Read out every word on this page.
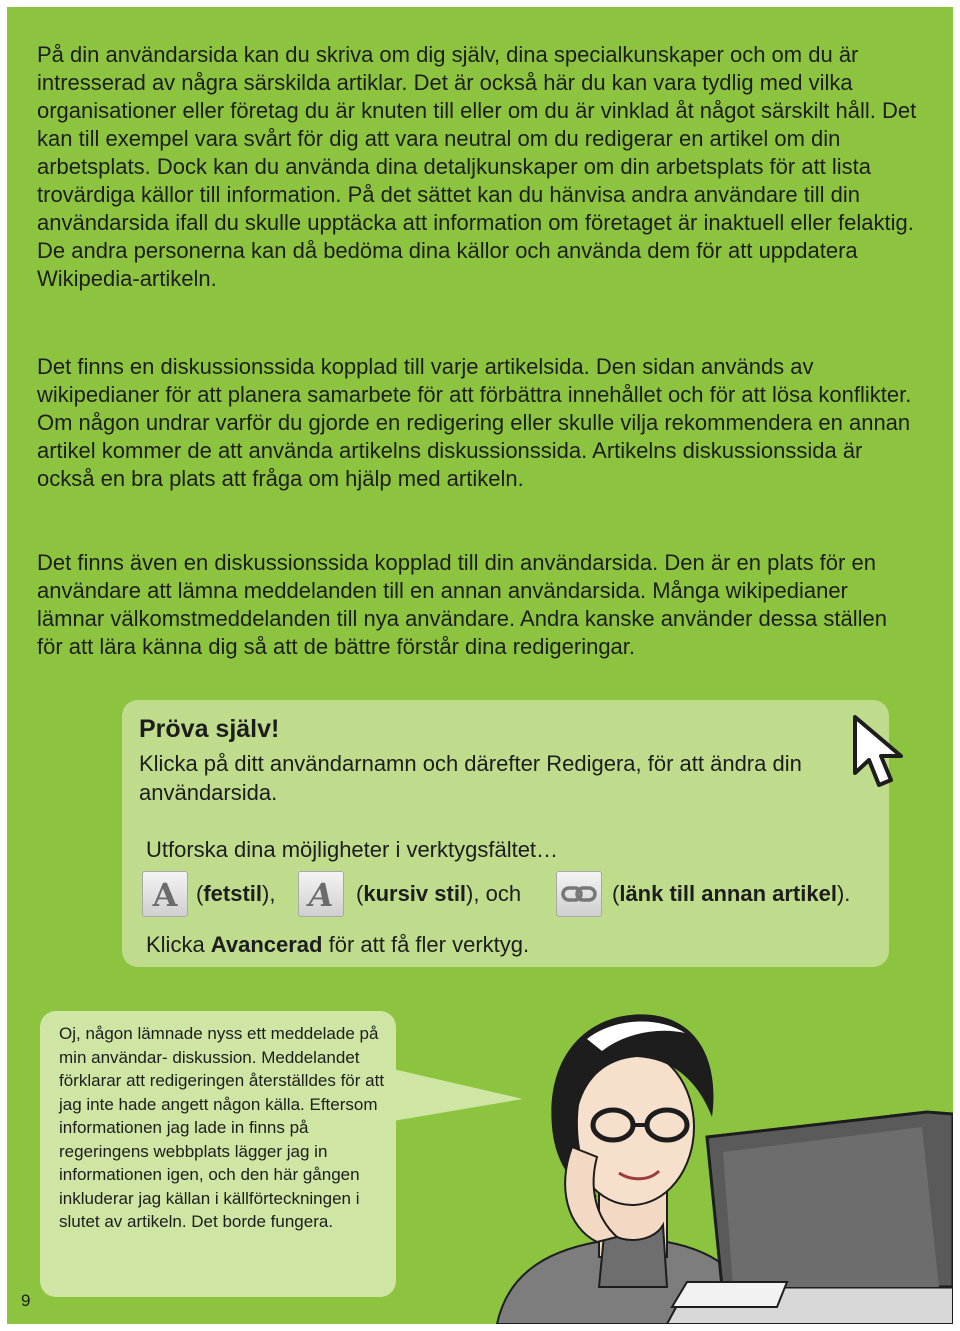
På din användarsida kan du skriva om dig själv, dina specialkunskaper och om du är intresserad av några särskilda artiklar. Det är också här du kan vara tydlig med vilka organisationer eller företag du är knuten till eller om du är vinklad åt något särskilt håll. Det kan till exempel vara svårt för dig att vara neutral om du redigerar en artikel om din arbetsplats. Dock kan du använda dina detaljkunskaper om din arbetsplats för att lista trovärdiga källor till information. På det sättet kan du hänvisa andra användare till din användarsida ifall du skulle upptäcka att information om företaget är inaktuell eller felaktig. De andra personerna kan då bedöma dina källor och använda dem för att uppdatera Wikipedia-artikeln.

Det finns en diskussionssida kopplad till varje artikelsida. Den sidan används av wikipedianer för att planera samarbete för att förbättra innehållet och för att lösa konflikter. Om någon undrar varför du gjorde en redigering eller skulle vilja rekommendera en annan artikel kommer de att använda artikelns diskussionssida. Artikelns diskussionssida är också en bra plats att fråga om hjälp med artikeln.

Det finns även en diskussionssida kopplad till din användarsida. Den är en plats för en användare att lämna meddelanden till en annan användarsida. Många wikipedianer lämnar välkomstmeddelanden till nya användare. Andra kanske använder dessa ställen för att lära känna dig så att de bättre förstår dina redigeringar.

Pröva själv!
Klicka på ditt användarnamn och därefter Redigera, för att ändra din användarsida.
Utforska dina möjligheter i verktygsfältet…
A (fetstil), A	(kursiv stil), och	(länk till annan artikel).
Klicka Avancerad för att få fler verktyg.
Oj, någon lämnade nyss ett meddelade på min användar- diskussion. Meddelandet förklarar att redigeringen återställdes för att jag inte hade angett någon källa. Eftersom informationen jag lade in finns på regeringens webbplats lägger jag in informationen igen, och den här gången inkluderar jag källan i källförteckningen i slutet av artikeln. Det borde fungera.
9
